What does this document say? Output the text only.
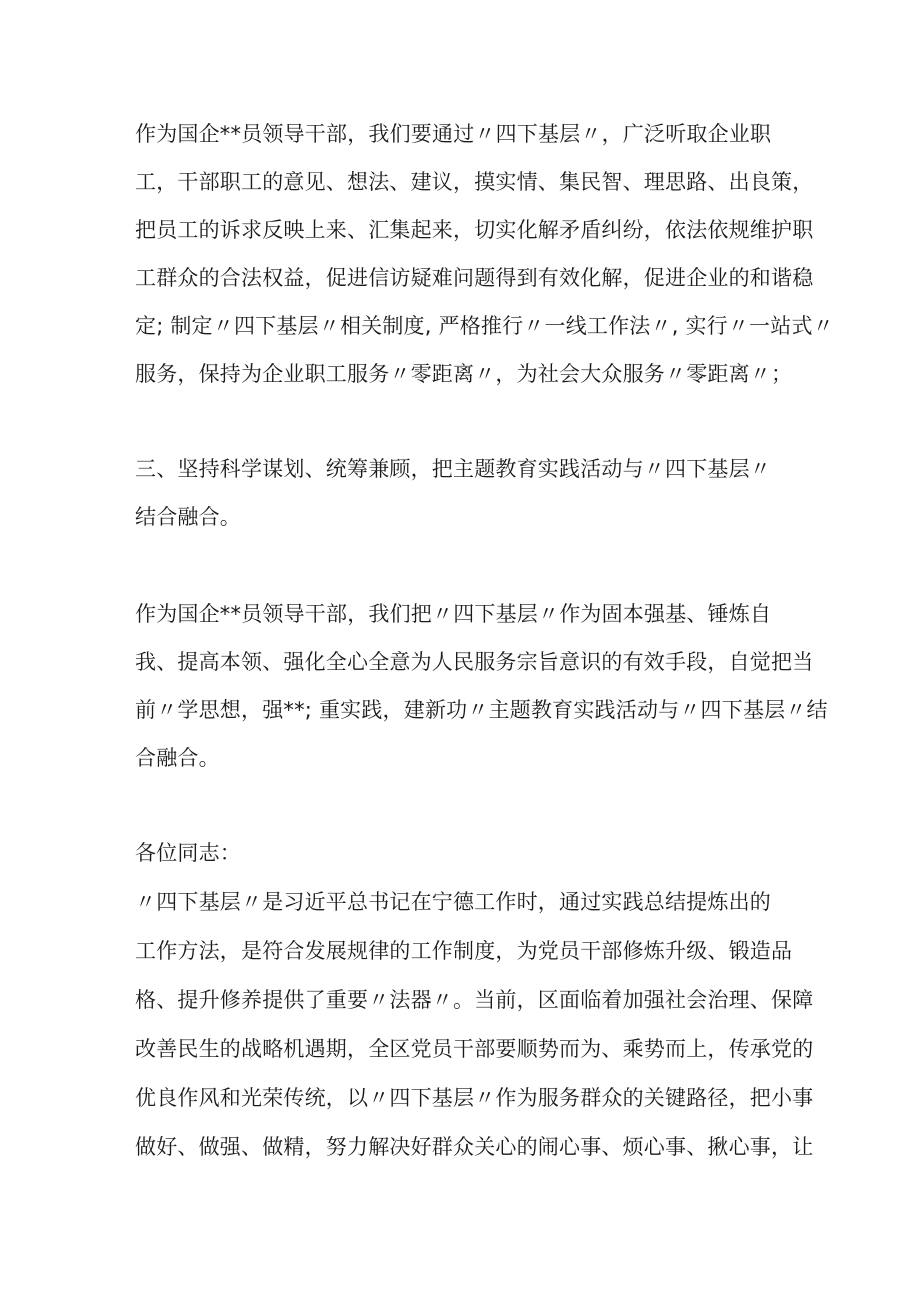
作为国企**员领导干部，我们要通过〃四下基层〃，广泛听取企业职
工，干部职工的意见、想法、建议，摸实情、集民智、理思路、出良策，
把员工的诉求反映上来、汇集起来，切实化解矛盾纠纷，依法依规维护职
工群众的合法权益，促进信访疑难问题得到有效化解，促进企业的和谐稳
定; 制定〃四下基层〃相关制度, 严格推行〃一线工作法〃, 实行〃一站式〃
服务，保持为企业职工服务〃零距离〃，为社会大众服务〃零距离〃；
三、坚持科学谋划、统筹兼顾，把主题教育实践活动与〃四下基层〃
结合融合。
作为国企**员领导干部，我们把〃四下基层〃作为固本强基、锤炼自
我、提高本领、强化全心全意为人民服务宗旨意识的有效手段，自觉把当
前〃学思想，强**; 重实践，建新功〃主题教育实践活动与〃四下基层〃结
合融合。
各位同志：
〃四下基层〃是习近平总书记在宁德工作时，通过实践总结提炼出的
工作方法，是符合发展规律的工作制度，为党员干部修炼升级、锻造品
格、提升修养提供了重要〃法器〃。当前，区面临着加强社会治理、保障
改善民生的战略机遇期，全区党员干部要顺势而为、乘势而上，传承党的
优良作风和光荣传统，以〃四下基层〃作为服务群众的关键路径，把小事
做好、做强、做精，努力解决好群众关心的闹心事、烦心事、揪心事，让
